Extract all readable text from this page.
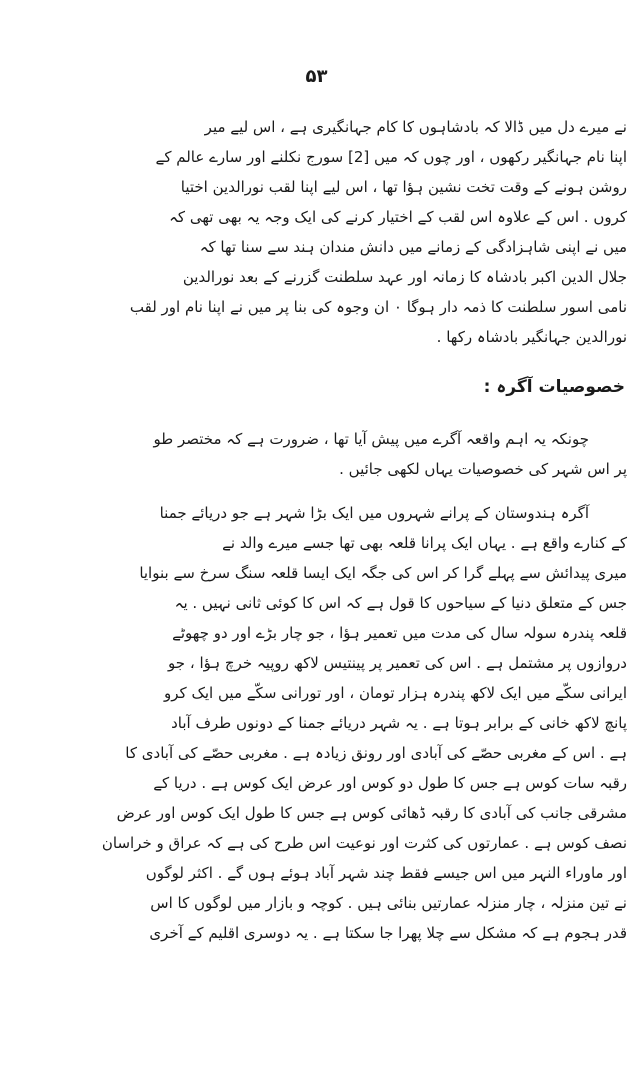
۵۳
نے میرے دل میں ڈالا کہ بادشاہوں کا کام جہانگیری ہے ، اس لیے میر
اپنا نام جہانگیر رکھوں ، اور چوں کہ میں [2] سورج نکلنے اور سارے عالم کے
روشن ہونے کے وقت تخت نشین ہؤا تھا ، اس لیے اپنا لقب نورالدین اختیا
کروں . اس کے علاوہ اس لقب کے اختیار کرنے کی ایک وجہ یہ بھی تھی کہ
میں نے اپنی شاہزادگی کے زمانے میں دانش مندان ہند سے سنا تھا کہ
جلال الدین اکبر بادشاہ کا زمانہ اور عہد سلطنت گزرنے کے بعد نورالدین
نامی اسور سلطنت کا ذمہ دار ہوگا ۰ ان وجوہ کی بنا پر میں نے اپنا نام اور لقب
نورالدین جہانگیر بادشاہ رکھا .
خصوصیات آگرہ :
چونکہ یہ اہم واقعہ آگرے میں پیش آیا تھا ، ضرورت ہے کہ مختصر طو
پر اس شہر کی خصوصیات یہاں لکھی جائیں .
آگرہ ہندوستان کے پرانے شہروں میں ایک بڑا شہر ہے جو دریائے جمنا
کے کنارے واقع ہے . یہاں ایک پرانا قلعہ بھی تھا جسے میرے والد نے
میری پیدائش سے پہلے گرا کر اس کی جگہ ایک ایسا قلعہ سنگ سرخ سے بنوایا
جس کے متعلق دنیا کے سیاحوں کا قول ہے کہ اس کا کوئی ثانی نہیں . یہ
قلعہ پندرہ سولہ سال کی مدت میں تعمیر ہؤا ، جو چار بڑے اور دو چھوٹے
دروازوں پر مشتمل ہے . اس کی تعمیر پر پینتیس لاکھ روپیہ خرچ ہؤا ، جو
ایرانی سکّے میں ایک لاکھ پندرہ ہزار تومان ، اور تورانی سکّے میں ایک کرو
پانچ لاکھ خانی کے برابر ہوتا ہے . یہ شہر دریائے جمنا کے دونوں طرف آباد
ہے . اس کے مغربی حصّے کی آبادی اور رونق زیادہ ہے . مغربی حصّے کی آبادی کا
رقبہ سات کوس ہے جس کا طول دو کوس اور عرض ایک کوس ہے . دریا کے
مشرقی جانب کی آبادی کا رقبہ ڈھائی کوس ہے جس کا طول ایک کوس اور عرض
نصف کوس ہے . عمارتوں کی کثرت اور نوعیت اس طرح کی ہے کہ عراق و خراسان
اور ماوراء النہر میں اس جیسے فقط چند شہر آباد ہوئے ہوں گے . اکثر لوگوں
نے تین منزلہ ، چار منزلہ عمارتیں بنائی ہیں . کوچہ و بازار میں لوگوں کا اس
قدر ہجوم ہے کہ مشکل سے چلا پھرا جا سکتا ہے . یہ دوسری اقلیم کے آخری
